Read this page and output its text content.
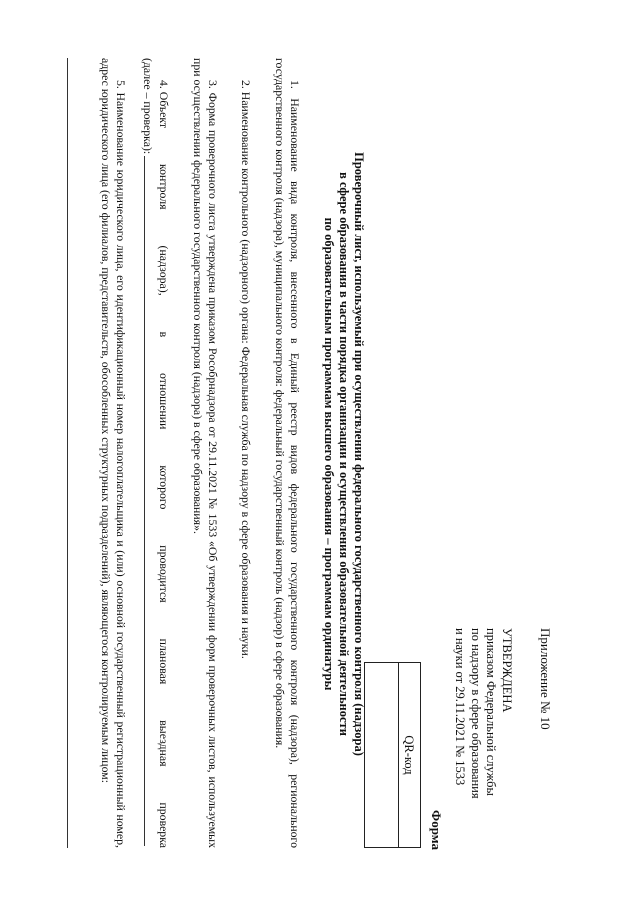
Приложение № 10
УТВЕРЖДЕНА
приказом Федеральной службы
по надзору в сфере образования
и науки от 29.11.2021 № 1533
Форма
QR-код
Проверочный лист, используемый при осуществлении федерального государственного контроля (надзора)
в сфере образования в части порядка организации и осуществления образовательной деятельности
по образовательным программам высшего образования – программам ординатуры
1. Наименование вида контроля, внесенного в Единый реестр видов федерального государственного контроля (надзора), регионального государственного контроля (надзора), муниципального контроля: федеральный государственный контроль (надзор) в сфере образования.
2. Наименование контрольного (надзорного) органа: Федеральная служба по надзору в сфере образования и науки.
3. Форма проверочного листа утверждена приказом Рособрнадзора от 29.11.2021 № 1533 «Об утверждении форм проверочных листов, используемых при осуществлении федерального государственного контроля (надзора) в сфере образования».
4. Объект
контроля
(надзора),
в
отношении
которого
проводится
плановая
выездная
проверка
(далее – проверка):
5. Наименование юридического лица, его идентификационный номер налогоплательщика и (или) основной государственный регистрационный номер, адрес юридического лица (его филиалов, представительств, обособленных структурных подразделений), являющегося контролируемым лицом:
